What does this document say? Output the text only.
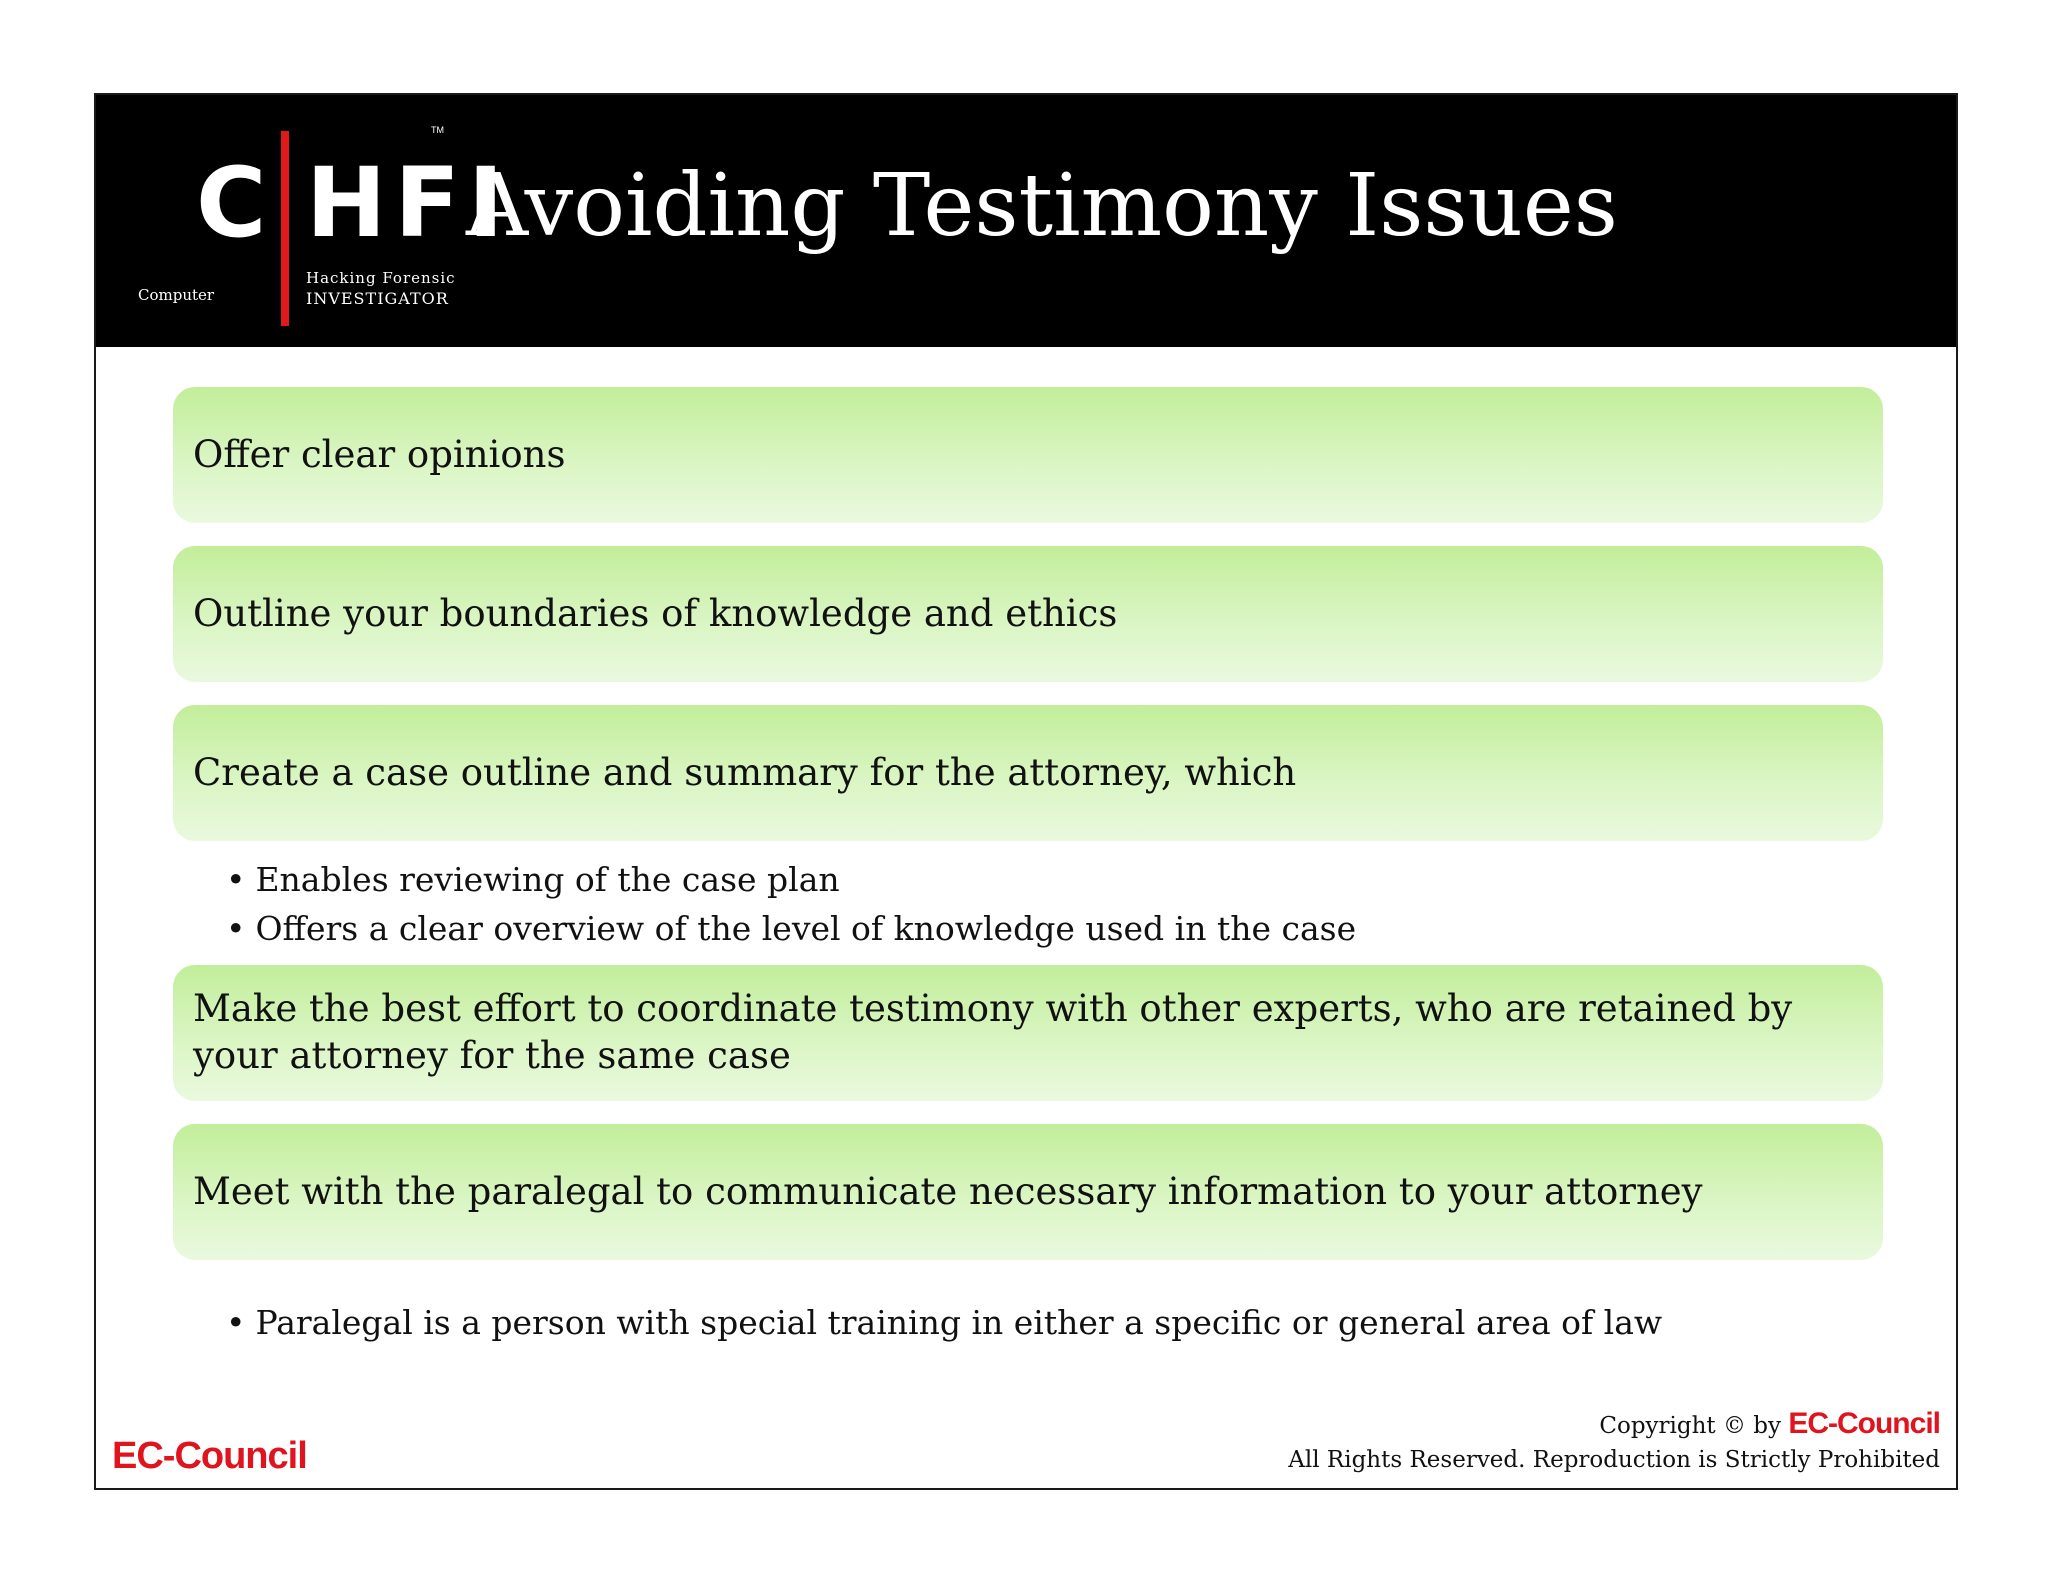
C HFI
TM
Computer
Hacking Forensic
INVESTIGATOR
Avoiding Testimony Issues
Offer clear opinions
Outline your boundaries of knowledge and ethics
Create a case outline and summary for the attorney, which
• Enables reviewing of the case plan
• Offers a clear overview of the level of knowledge used in the case
Make the best effort to coordinate testimony with other experts, who are retained by your attorney for the same case
Meet with the paralegal to communicate necessary information to your attorney
• Paralegal is a person with special training in either a specific or general area of law
EC-Council
Copyright © by EC-Council
All Rights Reserved. Reproduction is Strictly Prohibited
